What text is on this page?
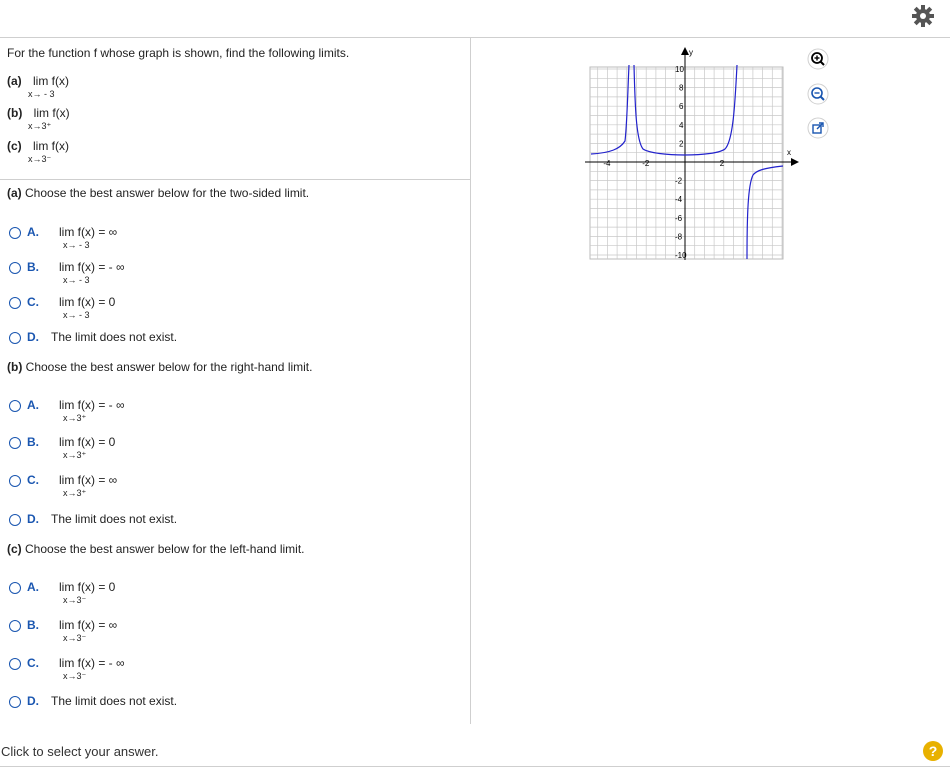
For the function f whose graph is shown, find the following limits.
(a) lim f(x)
x→ - 3
(b) lim f(x)
x→3⁺
(c) lim f(x)
x→3⁻
(a) Choose the best answer below for the two-sided limit.
A. lim f(x) = ∞
x→ - 3
B. lim f(x) = - ∞
x→ - 3
C. lim f(x) = 0
x→ - 3
D. The limit does not exist.
(b) Choose the best answer below for the right-hand limit.
A. lim f(x) = - ∞
x→3⁺
B. lim f(x) = 0
x→3⁺
C. lim f(x) = ∞
x→3⁺
D. The limit does not exist.
(c) Choose the best answer below for the left-hand limit.
A. lim f(x) = 0
x→3⁻
B. lim f(x) = ∞
x→3⁻
C. lim f(x) = - ∞
x→3⁻
D. The limit does not exist.
x
y
-4	-2	2
10
8
6
4
2
-2
-4
-6
-8
-10
Click to select your answer.	?
